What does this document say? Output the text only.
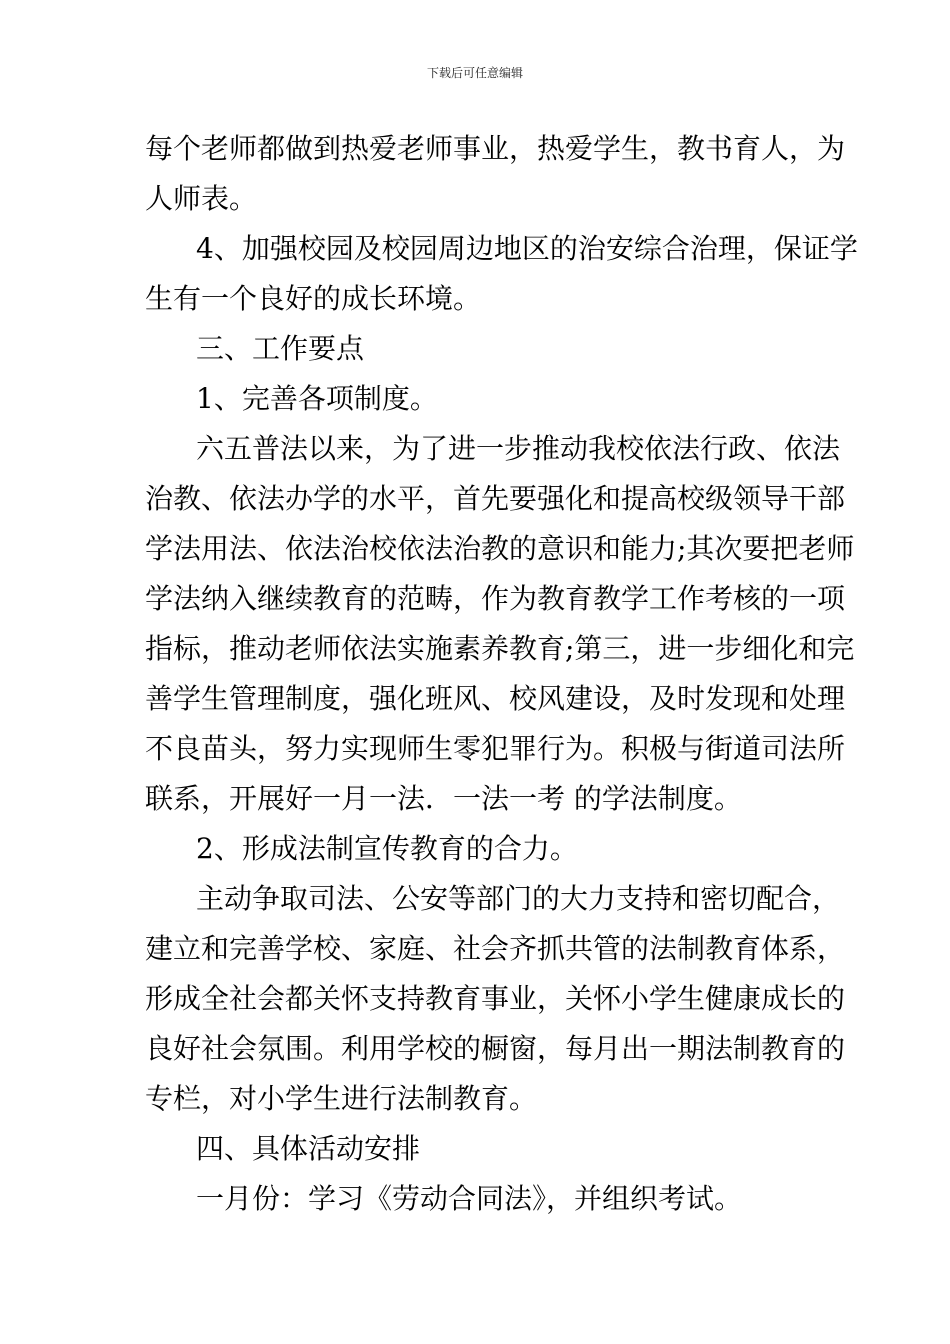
下载后可任意编辑
每个老师都做到热爱老师事业，热爱学生，教书育人，为
人师表。
4、加强校园及校园周边地区的治安综合治理，保证学
生有一个良好的成长环境。
三、工作要点
1、完善各项制度。
六五普法以来，为了进一步推动我校依法行政、依法
治教、依法办学的水平，首先要强化和提高校级领导干部
学法用法、依法治校依法治教的意识和能力;其次要把老师
学法纳入继续教育的范畴，作为教育教学工作考核的一项
指标，推动老师依法实施素养教育;第三，进一步细化和完
善学生管理制度，强化班风、校风建设，及时发现和处理
不良苗头，努力实现师生零犯罪行为。积极与街道司法所
联系，开展好一月一法．一法一考 的学法制度。
2、形成法制宣传教育的合力。
主动争取司法、公安等部门的大力支持和密切配合，
建立和完善学校、家庭、社会齐抓共管的法制教育体系，
形成全社会都关怀支持教育事业，关怀小学生健康成长的
良好社会氛围。利用学校的橱窗，每月出一期法制教育的
专栏，对小学生进行法制教育。
四、具体活动安排
一月份：学习《劳动合同法》，并组织考试。
